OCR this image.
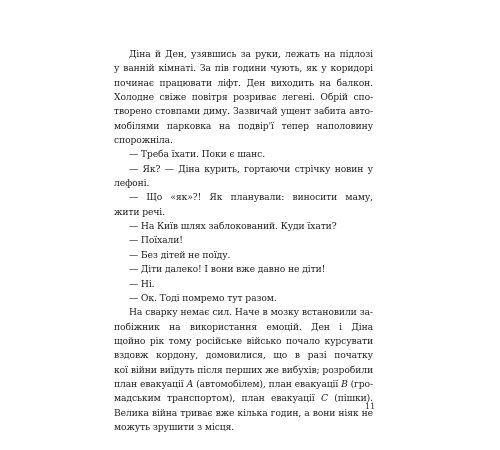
Діна й Ден, узявшись за руки, лежать на підлозі
у ванній кімнаті. За пів години чують, як у коридорі
починає працювати ліфт. Ден виходить на балкон.
Холодне свіже повітря розриває легені. Обрій спо-
творено стовпами диму. Зазвичай ущент забита авто-
мобілями парковка на подвір'ї тепер наполовину
спорожніла.
— Треба їхати. Поки є шанс.
— Як? — Діна курить, гортаючи стрічку новин у
лефоні.
— Що «як»?! Як планували: виносити маму,
жити речі.
— На Київ шлях заблокований. Куди їхати?
— Поїхали!
— Без дітей не поїду.
— Діти далеко! І вони вже давно не діти!
— Ні.
— Ок. Тоді помремо тут разом.
На сварку немає сил. Наче в мозку встановили за-
побіжник на використання емоцій. Ден і Діна
щойно рік тому російське військо почало курсувати
вздовж кордону, домовилися, що в разі початку
кої війни виїдуть після перших же вибухів; розробили
план евакуації А (автомобілем), план евакуації В (гро-
мадським транспортом), план евакуації С (пішки).
Велика війна триває вже кілька годин, а вони ніяк не
можуть зрушити з місця.
11
